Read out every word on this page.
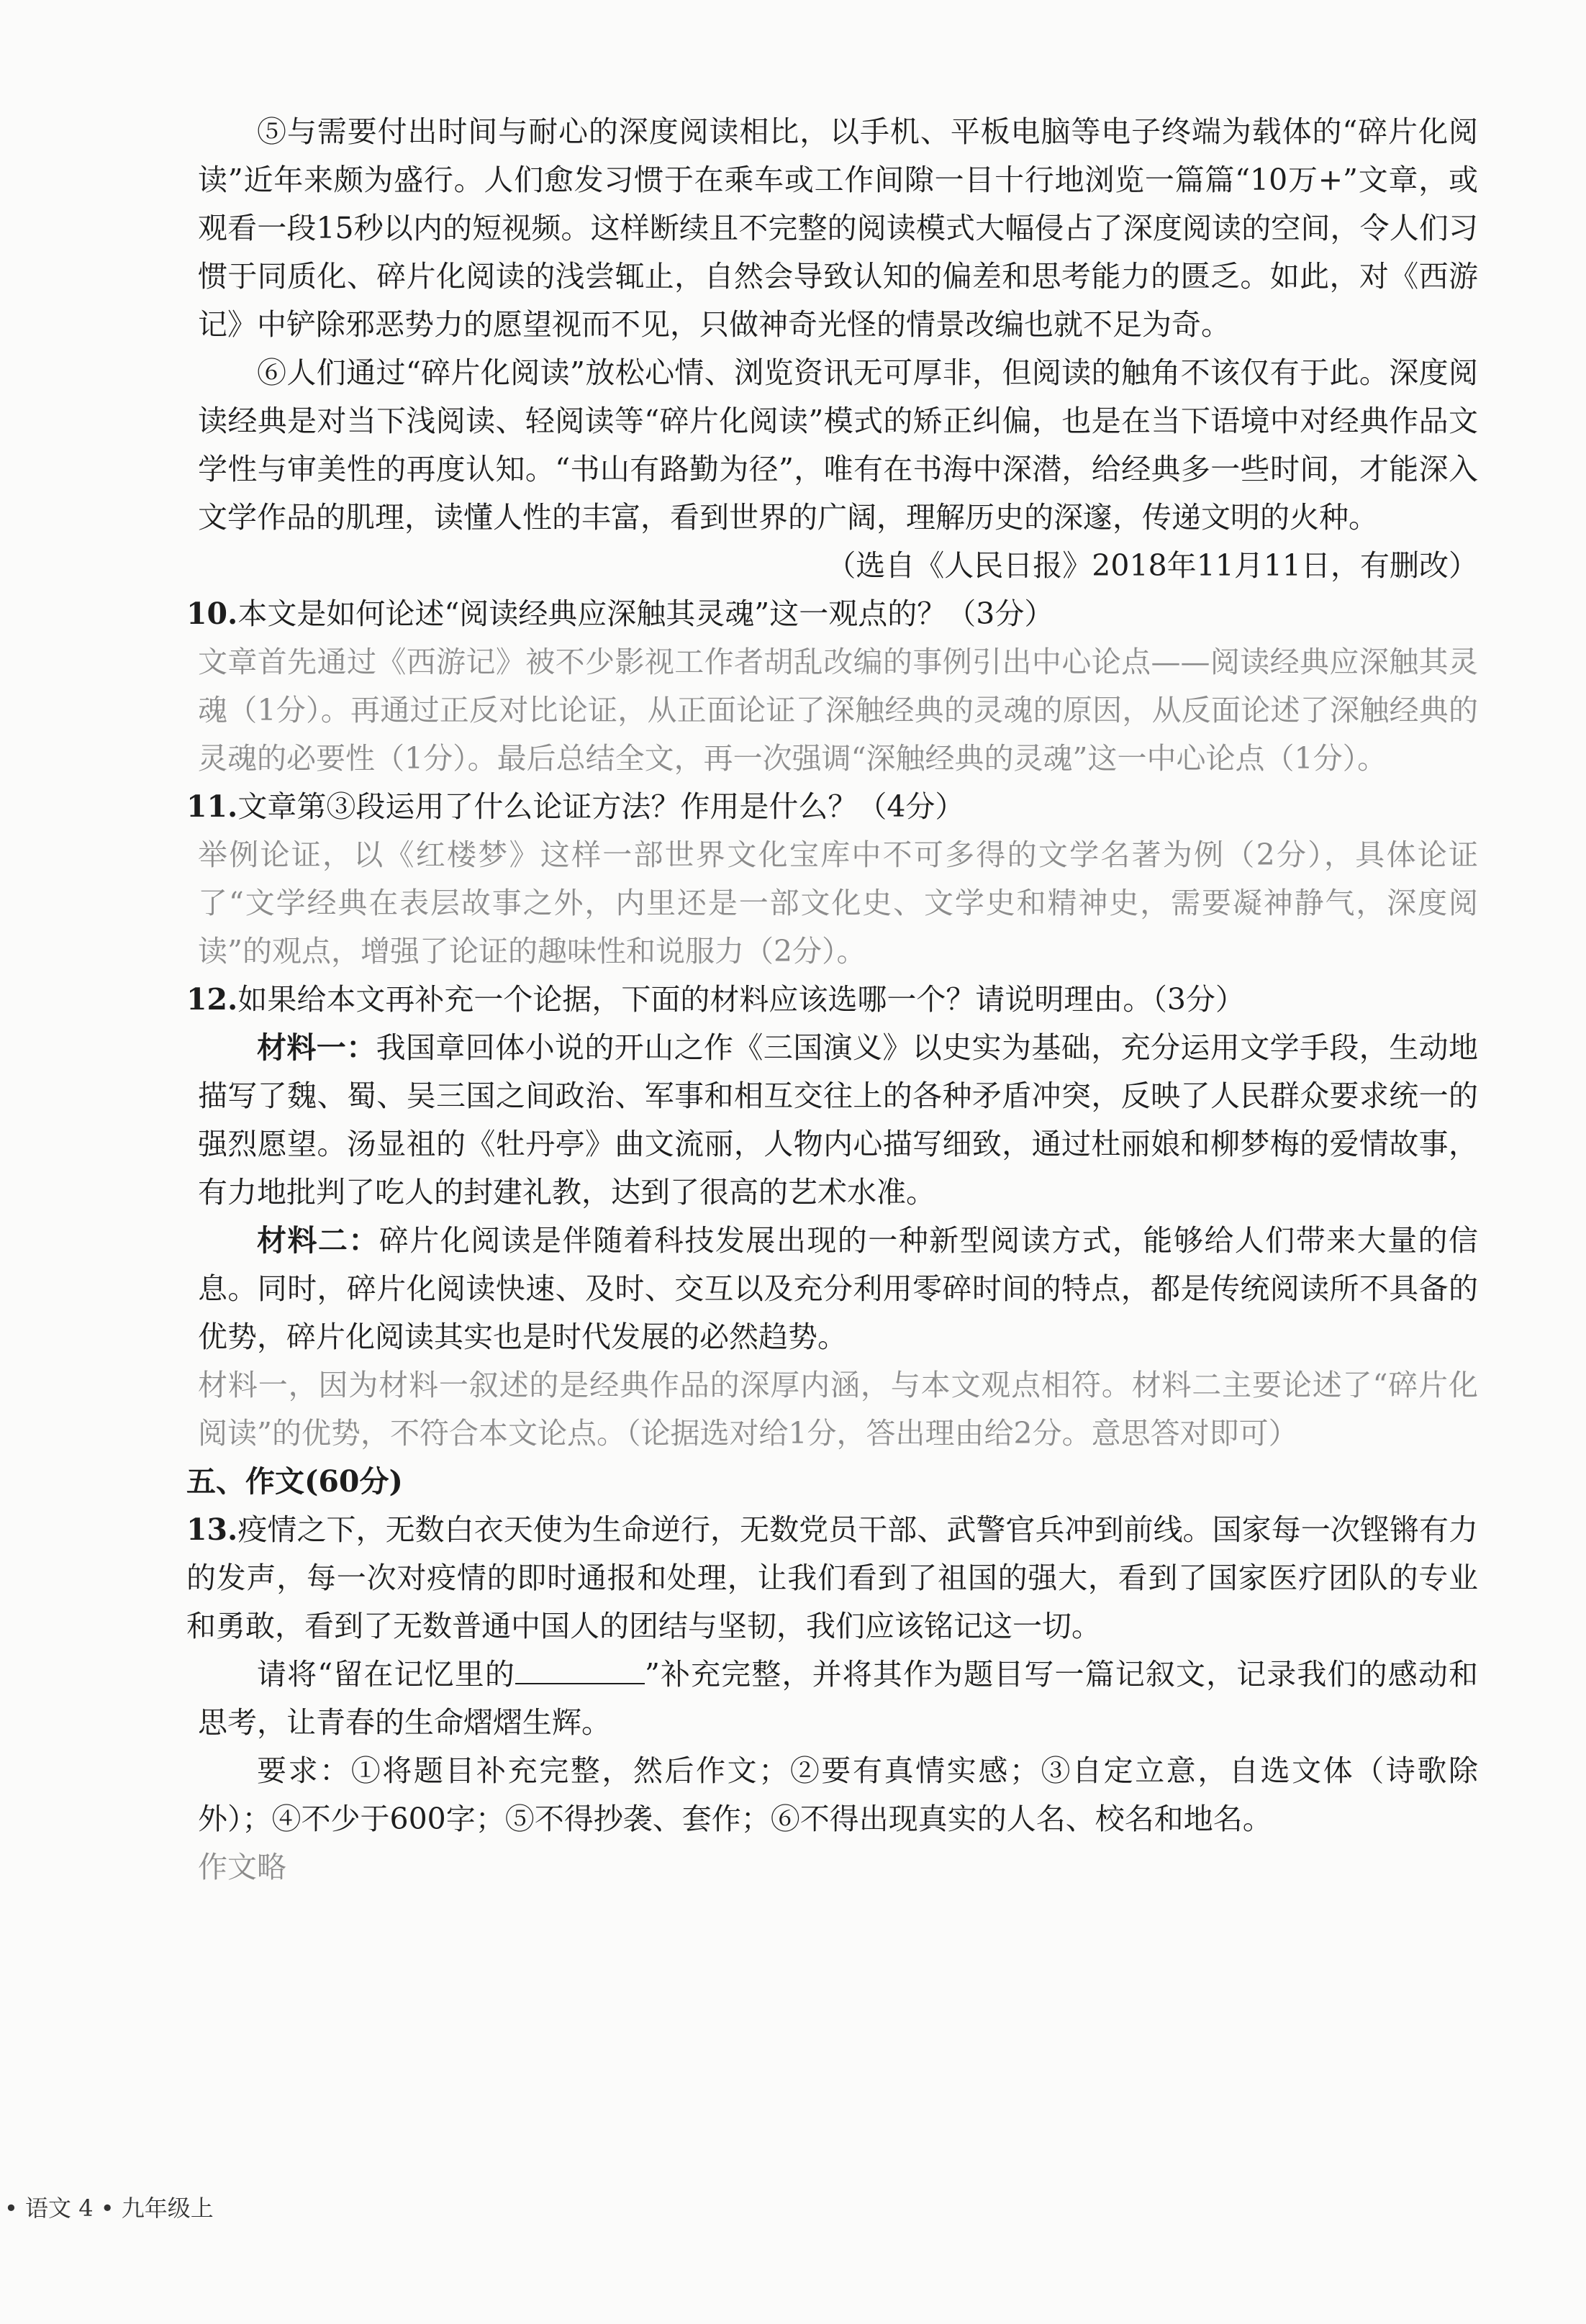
⑤与需要付出时间与耐心的深度阅读相比，以手机、平板电脑等电子终端为载体的“碎片化阅读”近年来颇为盛行。人们愈发习惯于在乘车或工作间隙一目十行地浏览一篇篇“10万+”文章，或观看一段15秒以内的短视频。这样断续且不完整的阅读模式大幅侵占了深度阅读的空间，令人们习惯于同质化、碎片化阅读的浅尝辄止，自然会导致认知的偏差和思考能力的匮乏。如此，对《西游记》中铲除邪恶势力的愿望视而不见，只做神奇光怪的情景改编也就不足为奇。

⑥人们通过“碎片化阅读”放松心情、浏览资讯无可厚非，但阅读的触角不该仅有于此。深度阅读经典是对当下浅阅读、轻阅读等“碎片化阅读”模式的矫正纠偏，也是在当下语境中对经典作品文学性与审美性的再度认知。“书山有路勤为径”，唯有在书海中深潜，给经典多一些时间，才能深入文学作品的肌理，读懂人性的丰富，看到世界的广阔，理解历史的深邃，传递文明的火种。

（选自《人民日报》2018年11月11日，有删改）

10.本文是如何论述“阅读经典应深触其灵魂”这一观点的？（3分）

文章首先通过《西游记》被不少影视工作者胡乱改编的事例引出中心论点——阅读经典应深触其灵魂（1分）。再通过正反对比论证，从正面论证了深触经典的灵魂的原因，从反面论述了深触经典的灵魂的必要性（1分）。最后总结全文，再一次强调“深触经典的灵魂”这一中心论点（1分）。

11.文章第③段运用了什么论证方法？作用是什么？（4分）

举例论证，以《红楼梦》这样一部世界文化宝库中不可多得的文学名著为例（2分），具体论证了“文学经典在表层故事之外，内里还是一部文化史、文学史和精神史，需要凝神静气，深度阅读”的观点，增强了论证的趣味性和说服力（2分）。

12.如果给本文再补充一个论据，下面的材料应该选哪一个？请说明理由。（3分）

材料一：我国章回体小说的开山之作《三国演义》以史实为基础，充分运用文学手段，生动地描写了魏、蜀、吴三国之间政治、军事和相互交往上的各种矛盾冲突，反映了人民群众要求统一的强烈愿望。汤显祖的《牡丹亭》曲文流丽，人物内心描写细致，通过杜丽娘和柳梦梅的爱情故事，有力地批判了吃人的封建礼教，达到了很高的艺术水准。

材料二：碎片化阅读是伴随着科技发展出现的一种新型阅读方式，能够给人们带来大量的信息。同时，碎片化阅读快速、及时、交互以及充分利用零碎时间的特点，都是传统阅读所不具备的优势，碎片化阅读其实也是时代发展的必然趋势。

材料一，因为材料一叙述的是经典作品的深厚内涵，与本文观点相符。材料二主要论述了“碎片化阅读”的优势，不符合本文论点。（论据选对给1分，答出理由给2分。意思答对即可）

五、作文(60分)

13.疫情之下，无数白衣天使为生命逆行，无数党员干部、武警官兵冲到前线。国家每一次铿锵有力的发声，每一次对疫情的即时通报和处理，让我们看到了祖国的强大，看到了国家医疗团队的专业和勇敢，看到了无数普通中国人的团结与坚韧，我们应该铭记这一切。

请将“留在记忆里的	”补充完整，并将其作为题目写一篇记叙文，记录我们的感动和思考，让青春的生命熠熠生辉。

要求：①将题目补充完整，然后作文；②要有真情实感；③自定立意，自选文体（诗歌除外）；④不少于600字；⑤不得抄袭、套作；⑥不得出现真实的人名、校名和地名。

作文略

• 语文 4 • 九年级上
